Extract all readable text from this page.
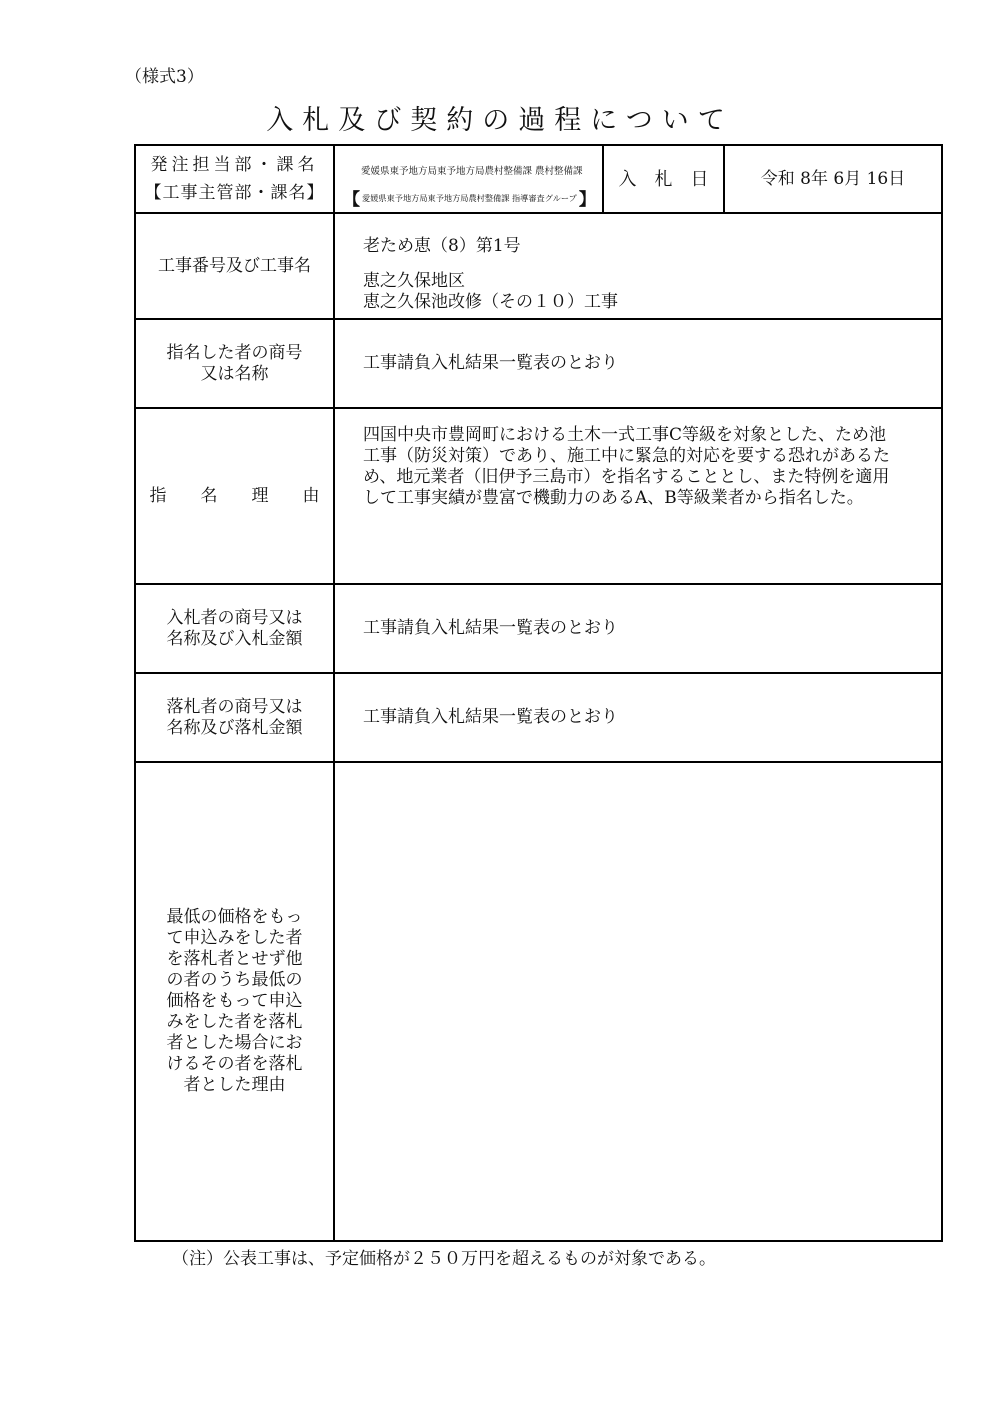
（様式3）
入札及び契約の過程について
発注担当部・課名
【工事主管部・課名】
愛媛県東予地方局東予地方局農村整備課 農村整備課
【 愛媛県東予地方局東予地方局農村整備課 指導審査グループ 】
入　札　日	令和 8年 6月 16日
工事番号及び工事名
老ため恵（8）第1号
恵之久保地区
恵之久保池改修（その１０）工事
指名した者の商号
又は名称
工事請負入札結果一覧表のとおり
指　　名　　理　　由
四国中央市豊岡町における土木一式工事C等級を対象とした、ため池
工事（防災対策）であり、施工中に緊急的対応を要する恐れがあるた
め、地元業者（旧伊予三島市）を指名することとし、また特例を適用
して工事実績が豊富で機動力のあるA、B等級業者から指名した。
入札者の商号又は
名称及び入札金額
工事請負入札結果一覧表のとおり
落札者の商号又は
名称及び落札金額
工事請負入札結果一覧表のとおり
最低の価格をもっ
て申込みをした者
を落札者とせず他
の者のうち最低の
価格をもって申込
みをした者を落札
者とした場合にお
けるその者を落札
者とした理由
（注）公表工事は、予定価格が２５０万円を超えるものが対象である。
